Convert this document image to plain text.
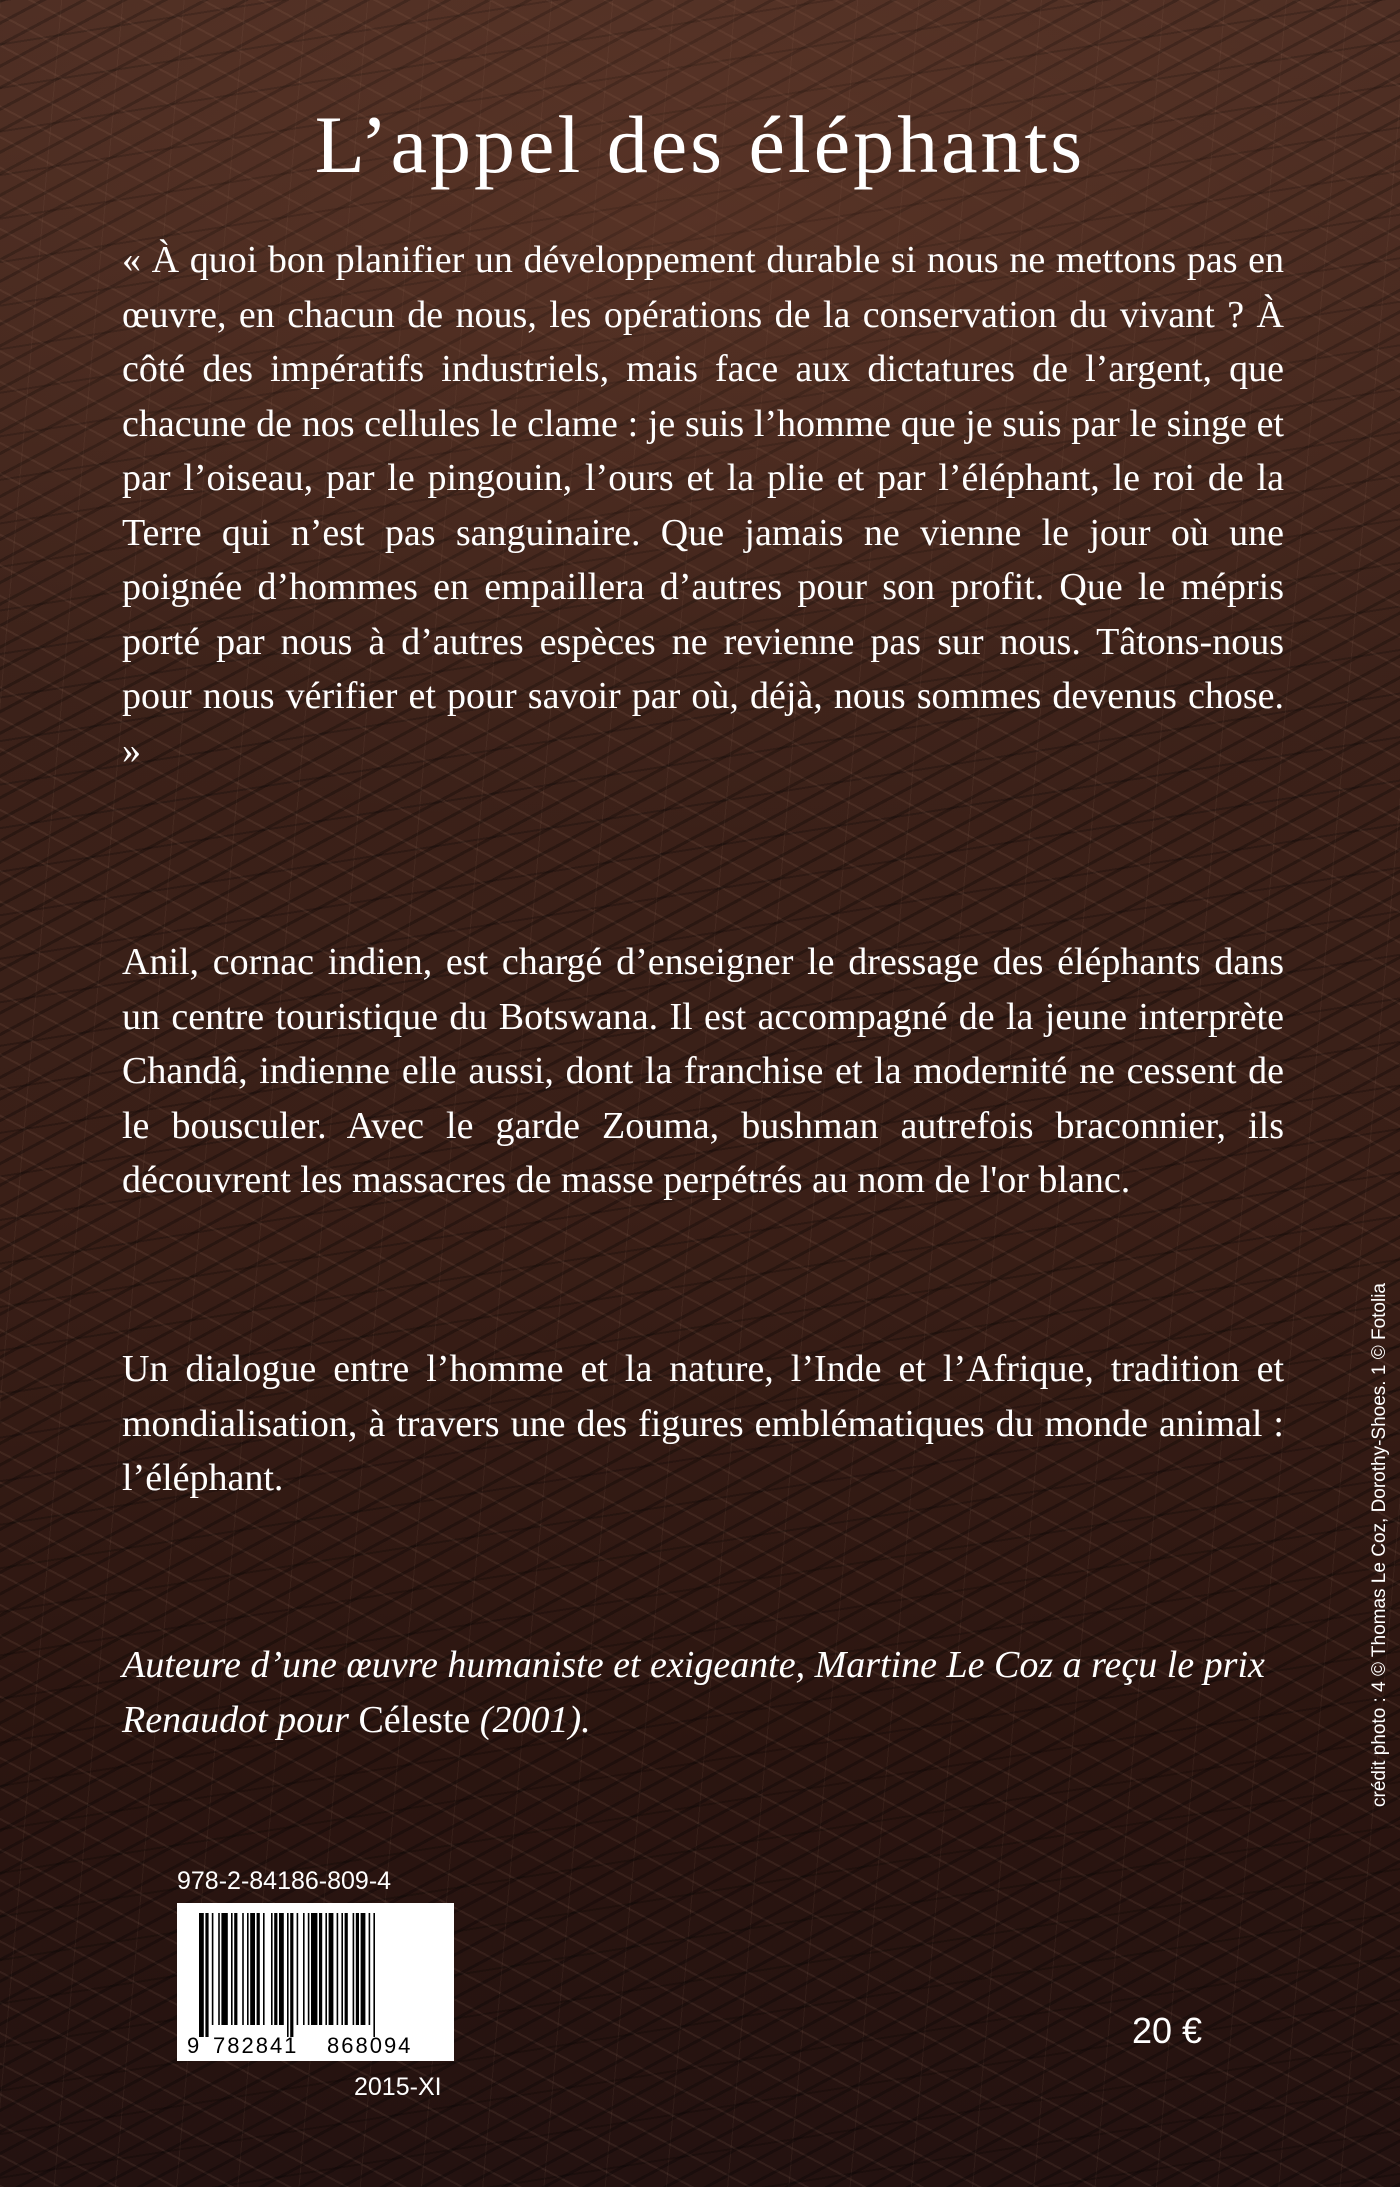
L’appel des éléphants

« À quoi bon planifier un développement durable si nous ne mettons pas en œuvre, en chacun de nous, les opérations de la conservation du vivant ? À côté des impératifs industriels, mais face aux dictatures de l’argent, que chacune de nos cellules le clame : je suis l’homme que je suis par le singe et par l’oiseau, par le pingouin, l’ours et la plie et par l’éléphant, le roi de la Terre qui n’est pas sanguinaire. Que jamais ne vienne le jour où une poignée d’hommes en empaillera d’autres pour son profit. Que le mépris porté par nous à d’autres espèces ne revienne pas sur nous. Tâtons-nous pour nous vérifier et pour savoir par où, déjà, nous sommes devenus chose. »

Anil, cornac indien, est chargé d’enseigner le dressage des éléphants dans un centre touristique du Botswana. Il est accompagné de la jeune interprète Chandâ, indienne elle aussi, dont la franchise et la modernité ne cessent de le bousculer. Avec le garde Zouma, bushman autrefois braconnier, ils découvrent les massacres de masse perpétrés au nom de l'or blanc.

Un dialogue entre l’homme et la nature, l’Inde et l’Afrique, tradition et mondialisation, à travers une des figures emblématiques du monde animal : l’éléphant.

Auteure d’une œuvre humaniste et exigeante, Martine Le Coz a reçu le prix Renaudot pour Céleste (2001).	crédit photo : 4 © Thomas Le Coz, Dorothy-Shoes. 1 © Fotolia

978-2-84186-809-4

9 782841 868094

2015-XI

20 €
